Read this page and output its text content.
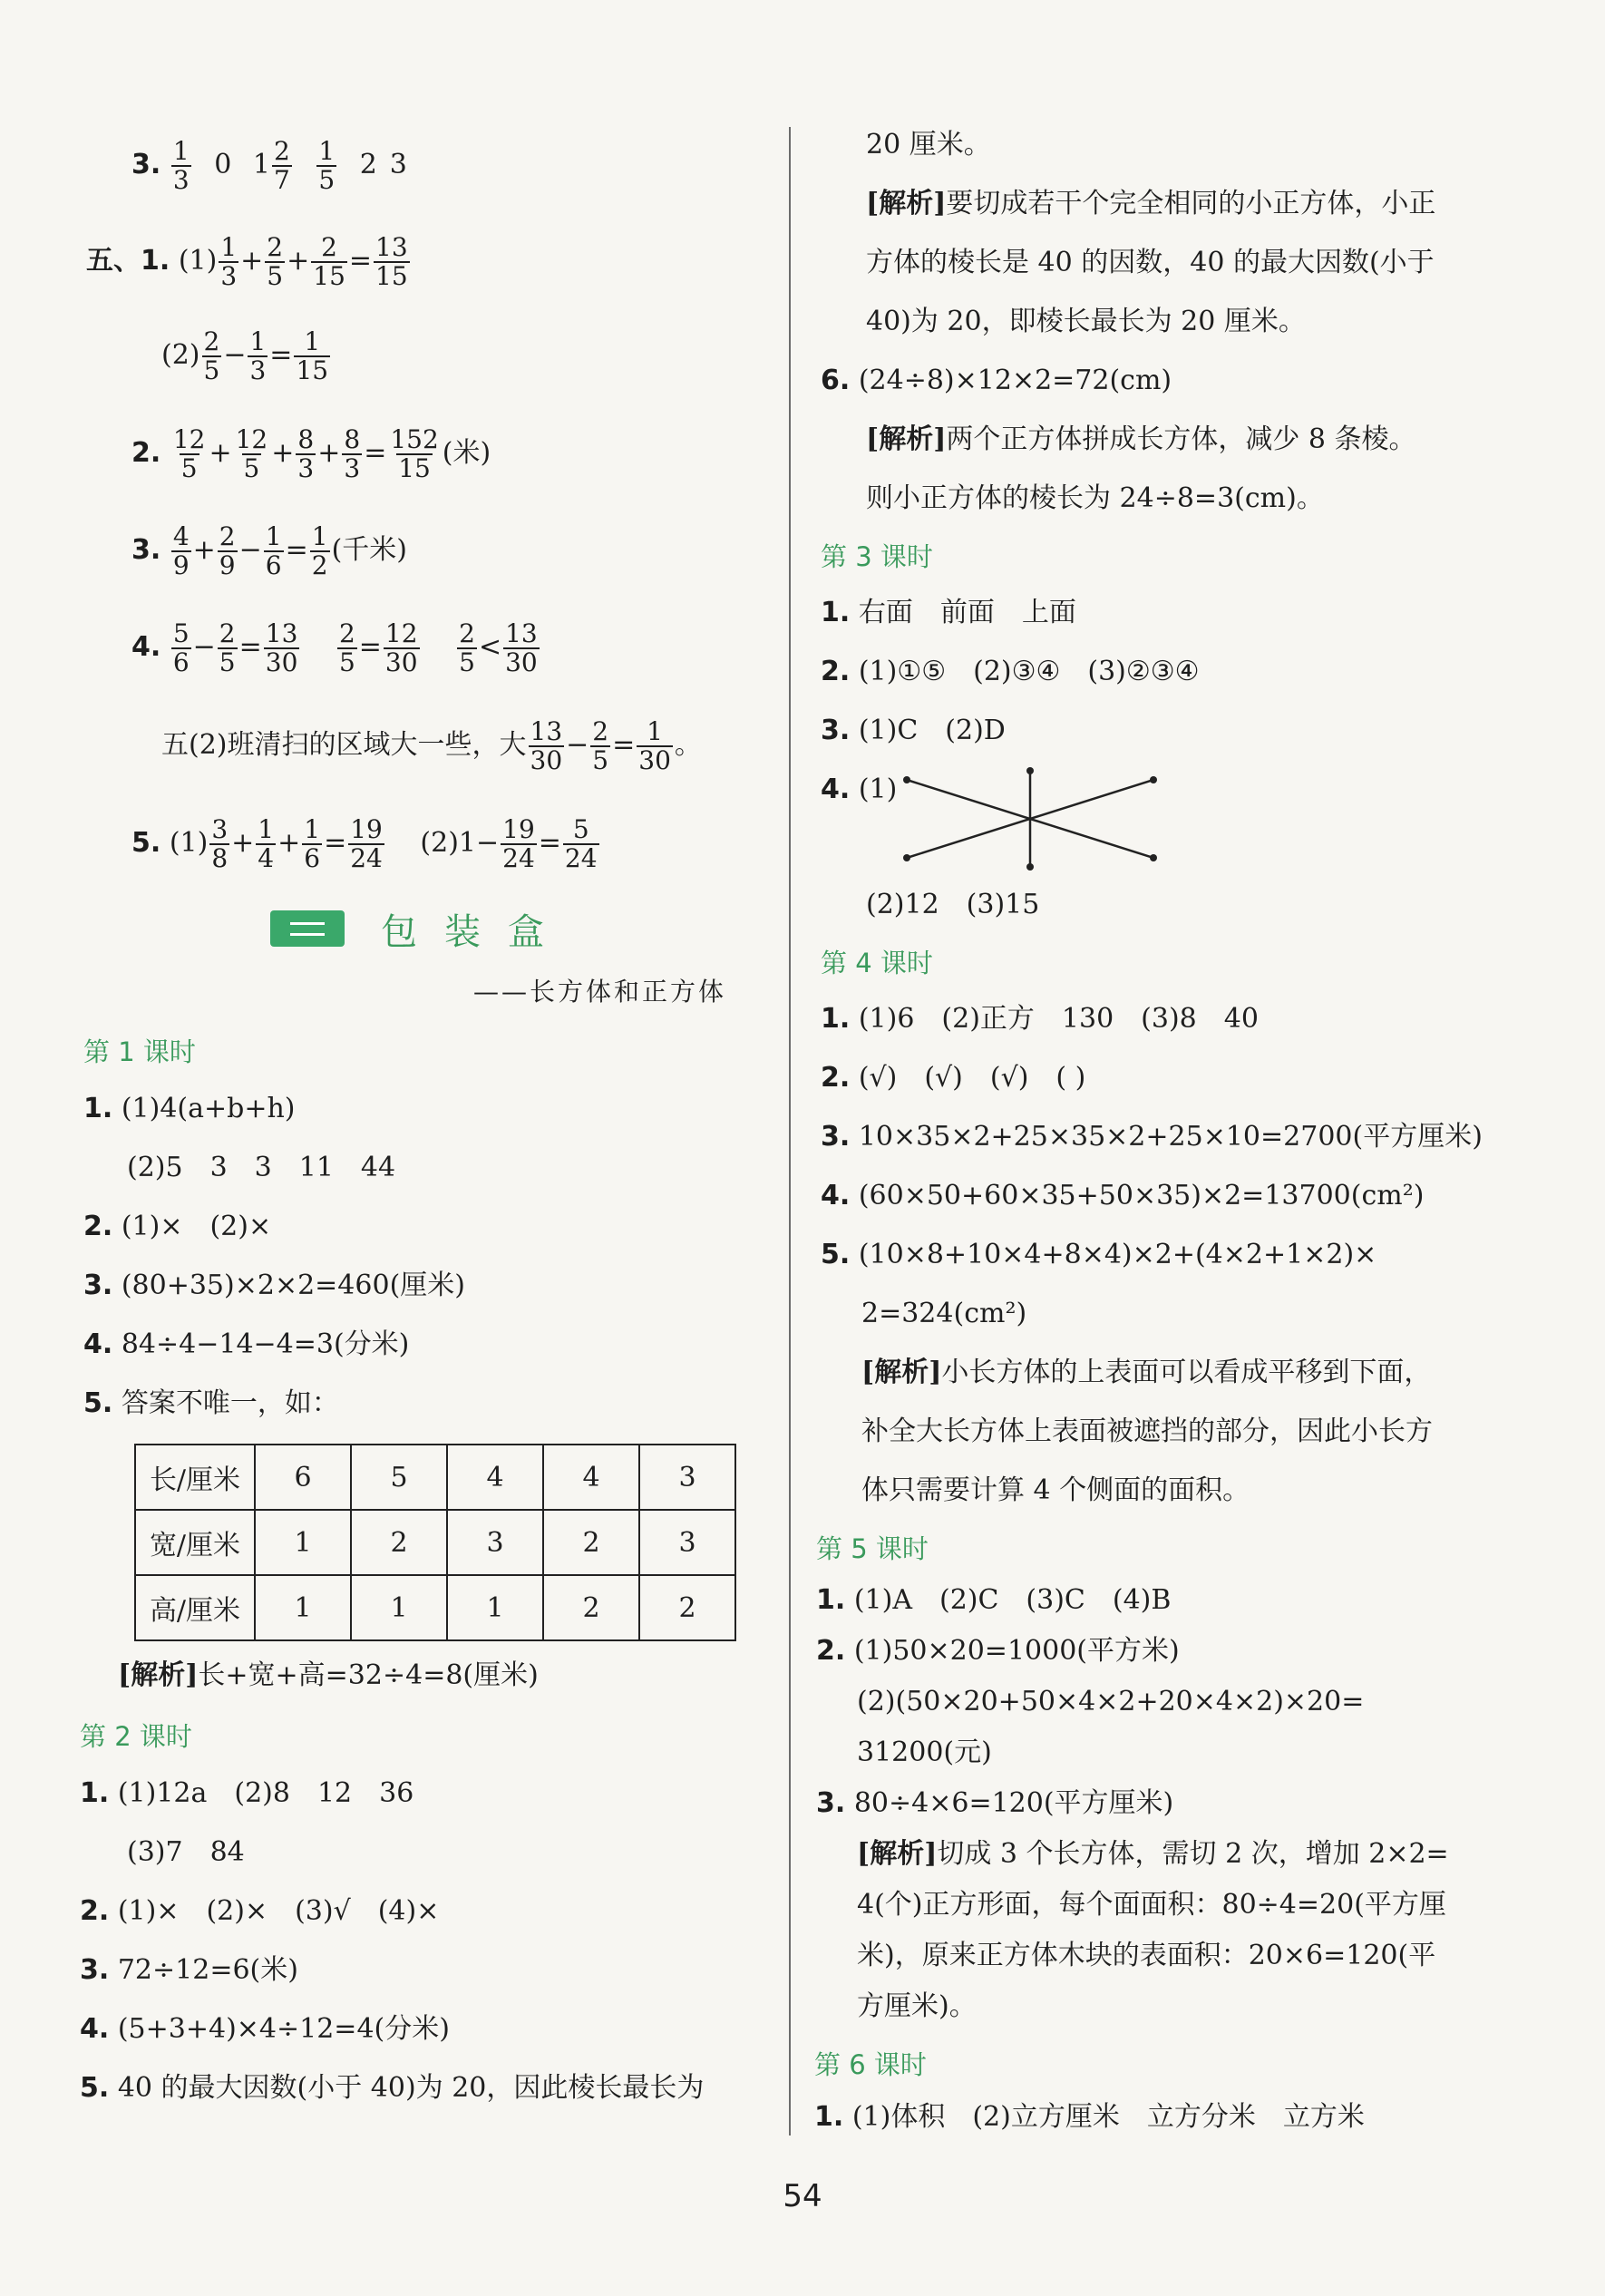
3. $\frac{1}{3} 0$ $1 \frac{2}{7}$
$\frac{1}{5} 2$ 3
五、1. $(1) \frac{1}{3} + \frac{2}{5} + \frac{2}{15} = \frac{13}{15}$
$(2) \frac{2}{5} - \frac{1}{3} = \frac{1}{15}$
2. $\frac{12}{5} + \frac{12}{5} + \frac{8}{3} + \frac{8}{3} = \frac{152}{15}$ (米)
3. $\frac{4}{9} + \frac{2}{9} - \frac{1}{6} = \frac{1}{2}$ (千米)
4. $\frac{5}{6} - \frac{2}{5} = \frac{13}{30}$
$\frac{2}{5} = \frac{12}{30}$
$\frac{2}{5} < \frac{13}{30}$
五(2)班清扫的区域大一些，大 $\frac{13}{30} - \frac{2}{5} = \frac{1}{30}$ 。
5. $(1) \frac{3}{8} + \frac{1}{4} + \frac{1}{6} = \frac{19}{24} (2)1- \frac{19}{24} = \frac{5}{24}$
包装盒
——长方体和正方体
第 1 课时
1. (1)4(a+b+h)
(2)5　3　3　11　44
2. (1)×　(2)×
3. (80+35)×2×2=460(厘米)
4. 84÷4−14−4=3(分米)
5. 答案不唯一，如：
长/厘米	6	5	4	4	3
宽/厘米	1	2	3	2	3
高/厘米	1	1	1	2	2
[解析]长+宽+高=32÷4=8(厘米)
第 2 课时
1. (1)12a　(2)8　12　36
(3)7　84
2. (1)×　(2)×　(3)√　(4)×
3. 72÷12=6(米)
4. (5+3+4)×4÷12=4(分米)
5. 40 的最大因数(小于 40)为 20，因此棱长最长为
20 厘米。
[解析]要切成若干个完全相同的小正方体，小正
方体的棱长是 40 的因数，40 的最大因数(小于
40)为 20，即棱长最长为 20 厘米。
6. (24÷8)×12×2=72(cm)
[解析]两个正方体拼成长方体，减少 8 条棱。
则小正方体的棱长为 24÷8=3(cm)。
第 3 课时
1. 右面　前面　上面
2. (1)①⑤　(2)③④　(3)②③④
3. (1)C　(2)D
4. (1)
(2)12　(3)15
第 4 课时
1. (1)6　(2)正方　130　(3)8　40
2. (√)　(√)　(√)　( )
3. 10×35×2+25×35×2+25×10=2700(平方厘米)
4. (60×50+60×35+50×35)×2=13700(cm²)
5. (10×8+10×4+8×4)×2+(4×2+1×2)×
2=324(cm²)
[解析]小长方体的上表面可以看成平移到下面，
补全大长方体上表面被遮挡的部分，因此小长方
体只需要计算 4 个侧面的面积。
第 5 课时
1. (1)A　(2)C　(3)C　(4)B
2. (1)50×20=1000(平方米)
(2)(50×20+50×4×2+20×4×2)×20=
31200(元)
3. 80÷4×6=120(平方厘米)
[解析]切成 3 个长方体，需切 2 次，增加 2×2=
4(个)正方形面，每个面面积：80÷4=20(平方厘
米)，原来正方体木块的表面积：20×6=120(平
方厘米)。
第 6 课时
1. (1)体积　(2)立方厘米　立方分米　立方米
54
